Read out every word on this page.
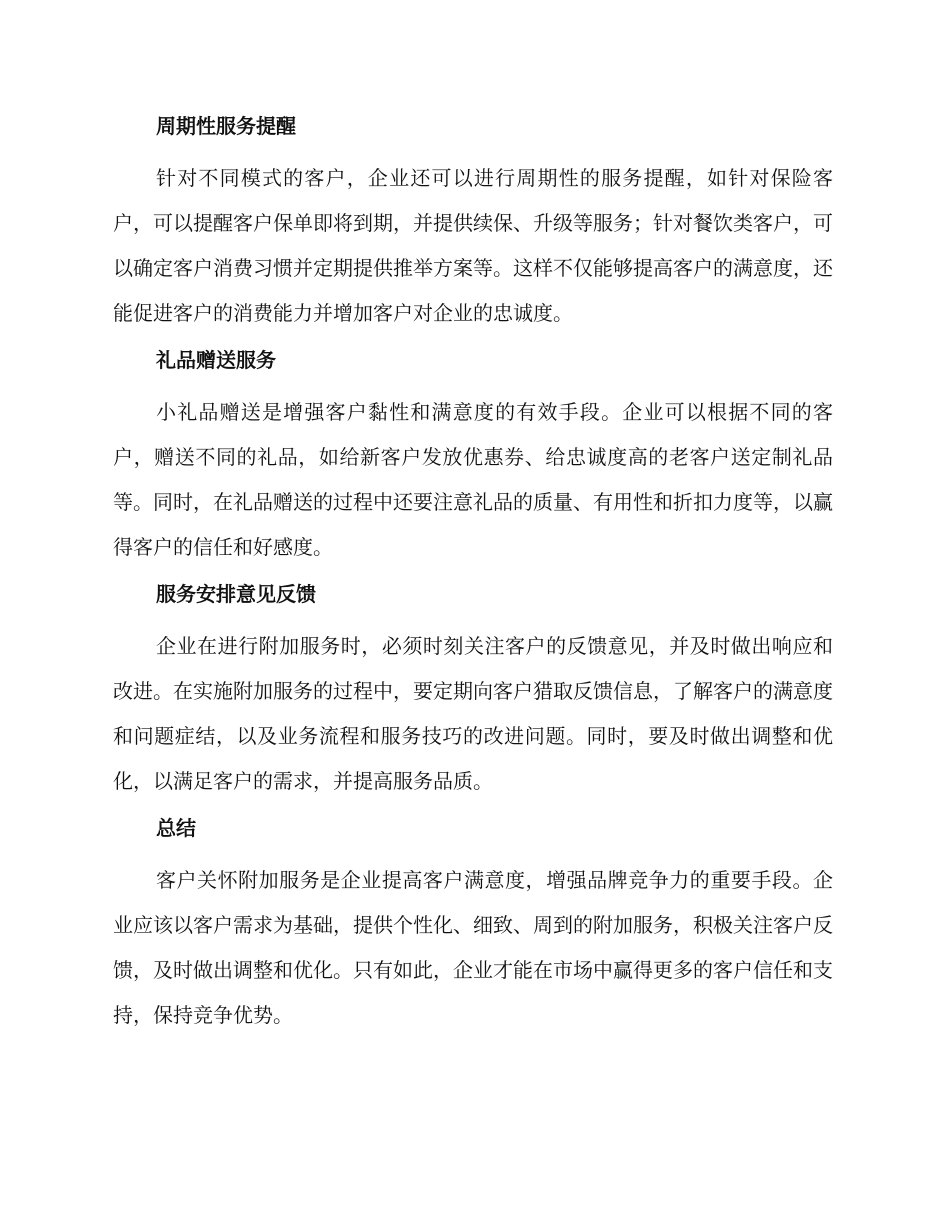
周期性服务提醒

针对不同模式的客户，企业还可以进行周期性的服务提醒，如针对保险客户，可以提醒客户保单即将到期，并提供续保、升级等服务；针对餐饮类客户，可以确定客户消费习惯并定期提供推举方案等。这样不仅能够提高客户的满意度，还能促进客户的消费能力并增加客户对企业的忠诚度。

礼品赠送服务

小礼品赠送是增强客户黏性和满意度的有效手段。企业可以根据不同的客户，赠送不同的礼品，如给新客户发放优惠券、给忠诚度高的老客户送定制礼品等。同时，在礼品赠送的过程中还要注意礼品的质量、有用性和折扣力度等，以赢得客户的信任和好感度。

服务安排意见反馈

企业在进行附加服务时，必须时刻关注客户的反馈意见，并及时做出响应和改进。在实施附加服务的过程中，要定期向客户猎取反馈信息，了解客户的满意度和问题症结，以及业务流程和服务技巧的改进问题。同时，要及时做出调整和优化，以满足客户的需求，并提高服务品质。

总结

客户关怀附加服务是企业提高客户满意度，增强品牌竞争力的重要手段。企业应该以客户需求为基础，提供个性化、细致、周到的附加服务，积极关注客户反馈，及时做出调整和优化。只有如此，企业才能在市场中赢得更多的客户信任和支持，保持竞争优势。
